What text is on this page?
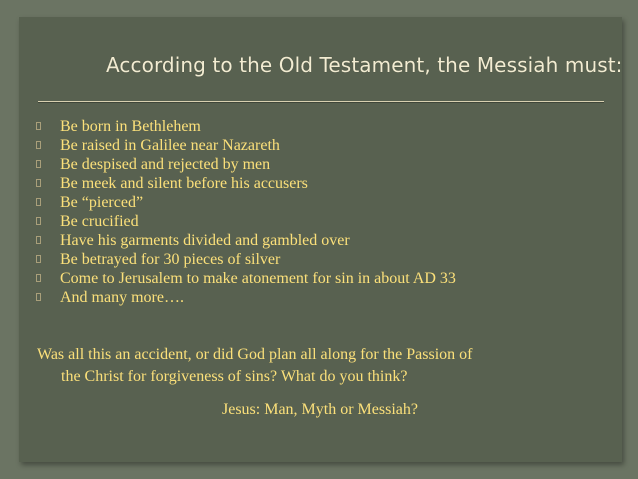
According to the Old Testament, the Messiah must:
Be born in Bethlehem
Be raised in Galilee near Nazareth
Be despised and rejected by men
Be meek and silent before his accusers
Be “pierced”
Be crucified
Have his garments divided and gambled over
Be betrayed for 30 pieces of silver
Come to Jerusalem to make atonement for sin in about AD 33
And many more….
Was all this an accident, or did God plan all along for the Passion of
the Christ for forgiveness of sins? What do you think?
Jesus: Man, Myth or Messiah?
